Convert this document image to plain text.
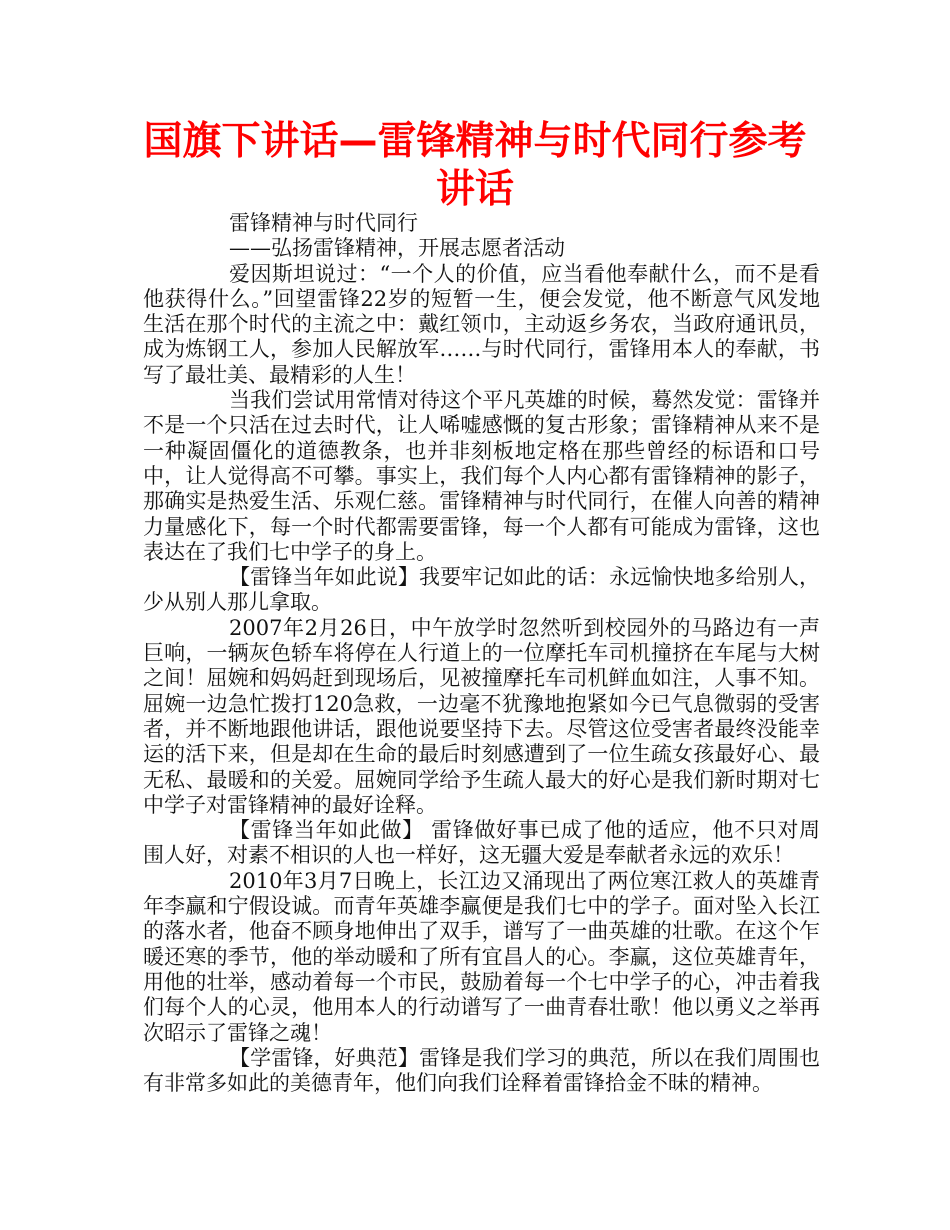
国旗下讲话—雷锋精神与时代同行参考讲话

雷锋精神与时代同行

——弘扬雷锋精神，开展志愿者活动

爱因斯坦说过：“一个人的价值，应当看他奉献什么，而不是看他获得什么。”回望雷锋22岁的短暂一生，便会发觉，他不断意气风发地生活在那个时代的主流之中：戴红领巾，主动返乡务农，当政府通讯员，成为炼钢工人，参加人民解放军……与时代同行，雷锋用本人的奉献，书写了最壮美、最精彩的人生！

当我们尝试用常情对待这个平凡英雄的时候，蓦然发觉：雷锋并不是一个只活在过去时代，让人唏嘘感慨的复古形象；雷锋精神从来不是一种凝固僵化的道德教条，也并非刻板地定格在那些曾经的标语和口号中，让人觉得高不可攀。事实上，我们每个人内心都有雷锋精神的影子，那确实是热爱生活、乐观仁慈。雷锋精神与时代同行，在催人向善的精神力量感化下，每一个时代都需要雷锋，每一个人都有可能成为雷锋，这也表达在了我们七中学子的身上。

【雷锋当年如此说】我要牢记如此的话：永远愉快地多给别人，少从别人那儿拿取。

2007年2月26日，中午放学时忽然听到校园外的马路边有一声巨响，一辆灰色轿车将停在人行道上的一位摩托车司机撞挤在车尾与大树之间！屈婉和妈妈赶到现场后，见被撞摩托车司机鲜血如注，人事不知。屈婉一边急忙拨打120急救，一边毫不犹豫地抱紧如今已气息微弱的受害者，并不断地跟他讲话，跟他说要坚持下去。尽管这位受害者最终没能幸运的活下来，但是却在生命的最后时刻感遭到了一位生疏女孩最好心、最无私、最暖和的关爱。屈婉同学给予生疏人最大的好心是我们新时期对七中学子对雷锋精神的最好诠释。

【雷锋当年如此做】 雷锋做好事已成了他的适应，他不只对周围人好，对素不相识的人也一样好，这无疆大爱是奉献者永远的欢乐！

2010年3月7日晚上，长江边又涌现出了两位寒江救人的英雄青年李赢和宁假设诚。而青年英雄李赢便是我们七中的学子。面对坠入长江的落水者，他奋不顾身地伸出了双手，谱写了一曲英雄的壮歌。在这个乍暖还寒的季节，他的举动暖和了所有宜昌人的心。李赢，这位英雄青年，用他的壮举，感动着每一个市民，鼓励着每一个七中学子的心，冲击着我们每个人的心灵，他用本人的行动谱写了一曲青春壮歌！他以勇义之举再次昭示了雷锋之魂！

【学雷锋，好典范】雷锋是我们学习的典范，所以在我们周围也有非常多如此的美德青年，他们向我们诠释着雷锋拾金不昧的精神。
